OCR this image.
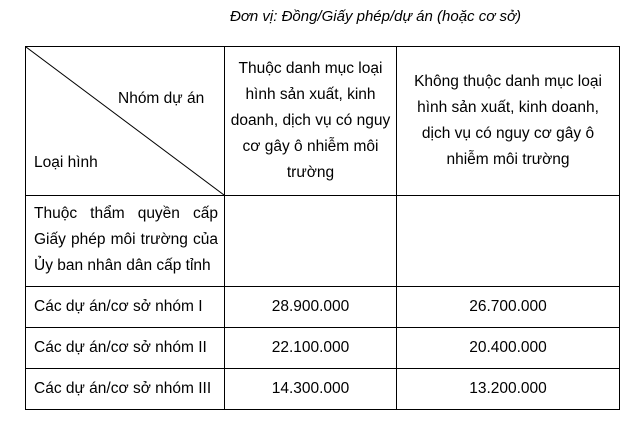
Đơn vị: Đồng/Giấy phép/dự án (hoặc cơ sở)
Nhóm dự án
Loại hình	Thuộc danh mục loại hình sản xuất, kinh doanh, dịch vụ có nguy cơ gây ô nhiễm môi trường	Không thuộc danh mục loại hình sản xuất, kinh doanh, dịch vụ có nguy cơ gây ô nhiễm môi trường

Thuộc thẩm quyền cấp Giấy phép môi trường của Ủy ban nhân dân cấp tỉnh		

Các dự án/cơ sở nhóm I	28.900.000	26.700.000
Các dự án/cơ sở nhóm II	22.100.000	20.400.000
Các dự án/cơ sở nhóm III	14.300.000	13.200.000
